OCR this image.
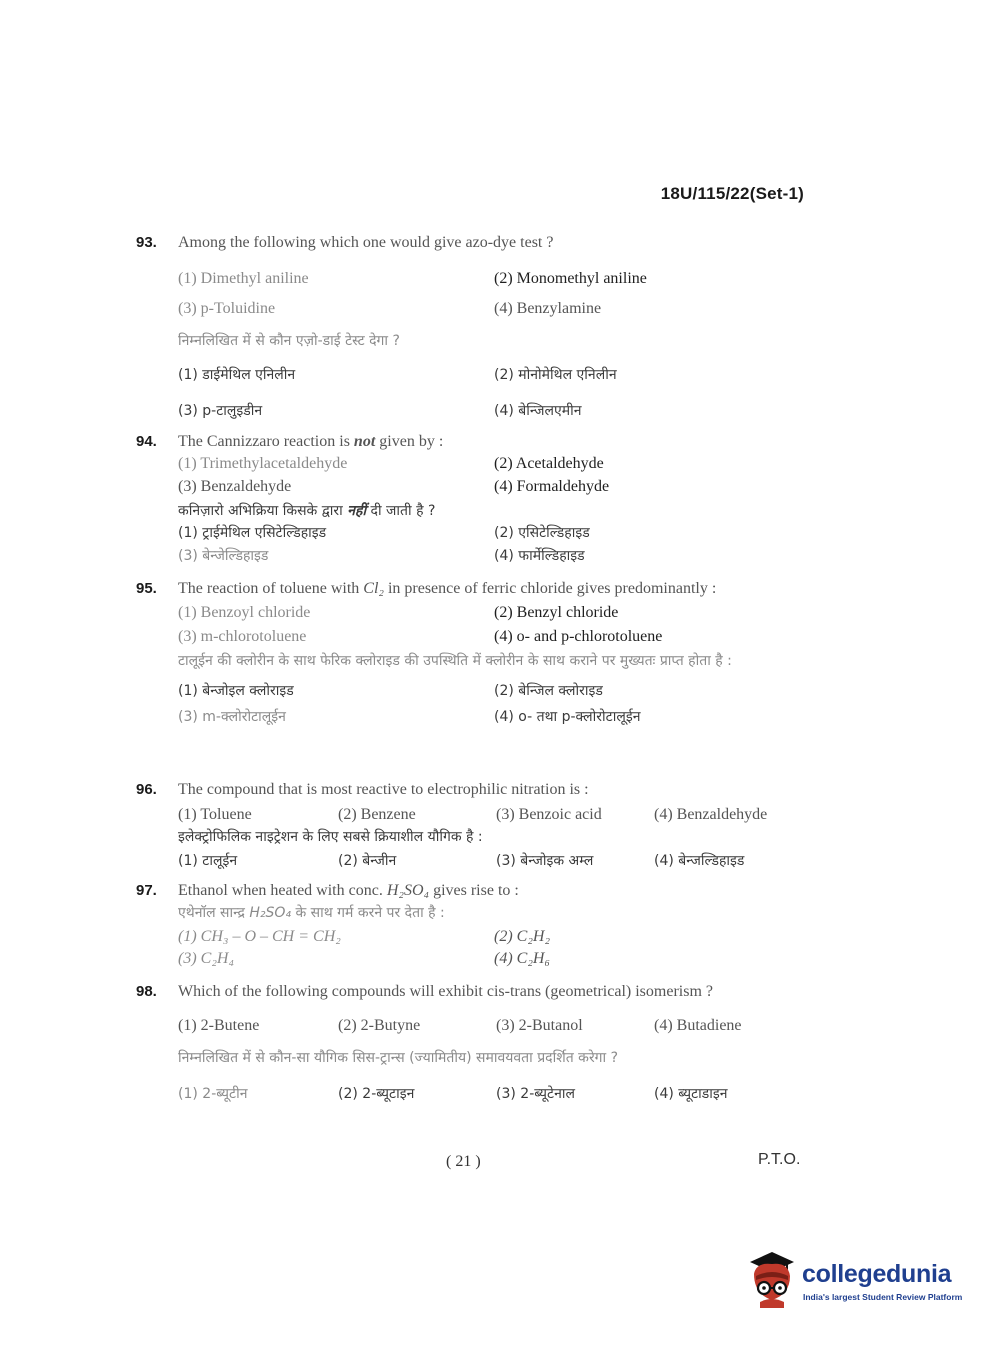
18U/115/22(Set-1)
93. Among the following which one would give azo-dye test ?
(1) Dimethyl aniline	(2) Monomethyl aniline
(3) p-Toluidine	(4) Benzylamine
निम्नलिखित में से कौन एज़ो-डाई टेस्ट देगा ?
(1) डाईमेथिल एनिलीन	(2) मोनोमेथिल एनिलीन
(3) p-टालुइडीन	(4) बेन्जिलएमीन
94. The Cannizzaro reaction is not given by :
(1) Trimethylacetaldehyde	(2) Acetaldehyde
(3) Benzaldehyde	(4) Formaldehyde
कनिज़ारो अभिक्रिया किसके द्वारा नहीं दी जाती है ?
(1) ट्राईमेथिल एसिटेल्डिहाइड	(2) एसिटेल्डिहाइड
(3) बेन्जेल्डिहाइड	(4) फार्मेल्डिहाइड
95. The reaction of toluene with Cl₂ in presence of ferric chloride gives predominantly :
(1) Benzoyl chloride	(2) Benzyl chloride
(3) m-chlorotoluene	(4) o- and p-chlorotoluene
टालूईन की क्लोरीन के साथ फेरिक क्लोराइड की उपस्थिति में क्लोरीन के साथ कराने पर मुख्यतः प्राप्त होता है :
(1) बेन्जोइल क्लोराइड	(2) बेन्जिल क्लोराइड
(3) m-क्लोरोटालूईन	(4) o- तथा p-क्लोरोटालूईन
96. The compound that is most reactive to electrophilic nitration is :
(1) Toluene	(2) Benzene	(3) Benzoic acid	(4) Benzaldehyde
इलेक्ट्रोफिलिक नाइट्रेशन के लिए सबसे क्रियाशील यौगिक है :
(1) टालूईन	(2) बेन्जीन	(3) बेन्जोइक अम्ल	(4) बेन्जल्डिहाइड
97. Ethanol when heated with conc. H₂SO₄ gives rise to :
एथेनॉल सान्द्र H₂SO₄ के साथ गर्म करने पर देता है :
(1) CH₃ – O – CH = CH₂	(2) C₂H₂
(3) C₂H₄	(4) C₂H₆
98. Which of the following compounds will exhibit cis-trans (geometrical) isomerism ?
(1) 2-Butene	(2) 2-Butyne	(3) 2-Butanol	(4) Butadiene
निम्नलिखित में से कौन-सा यौगिक सिस-ट्रान्स (ज्यामितीय) समावयवता प्रदर्शित करेगा ?
(1) 2-ब्यूटीन	(2) 2-ब्यूटाइन	(3) 2-ब्यूटेनाल	(4) ब्यूटाडाइन
( 21 )	P.T.O.
collegedunia
India's largest Student Review Platform
